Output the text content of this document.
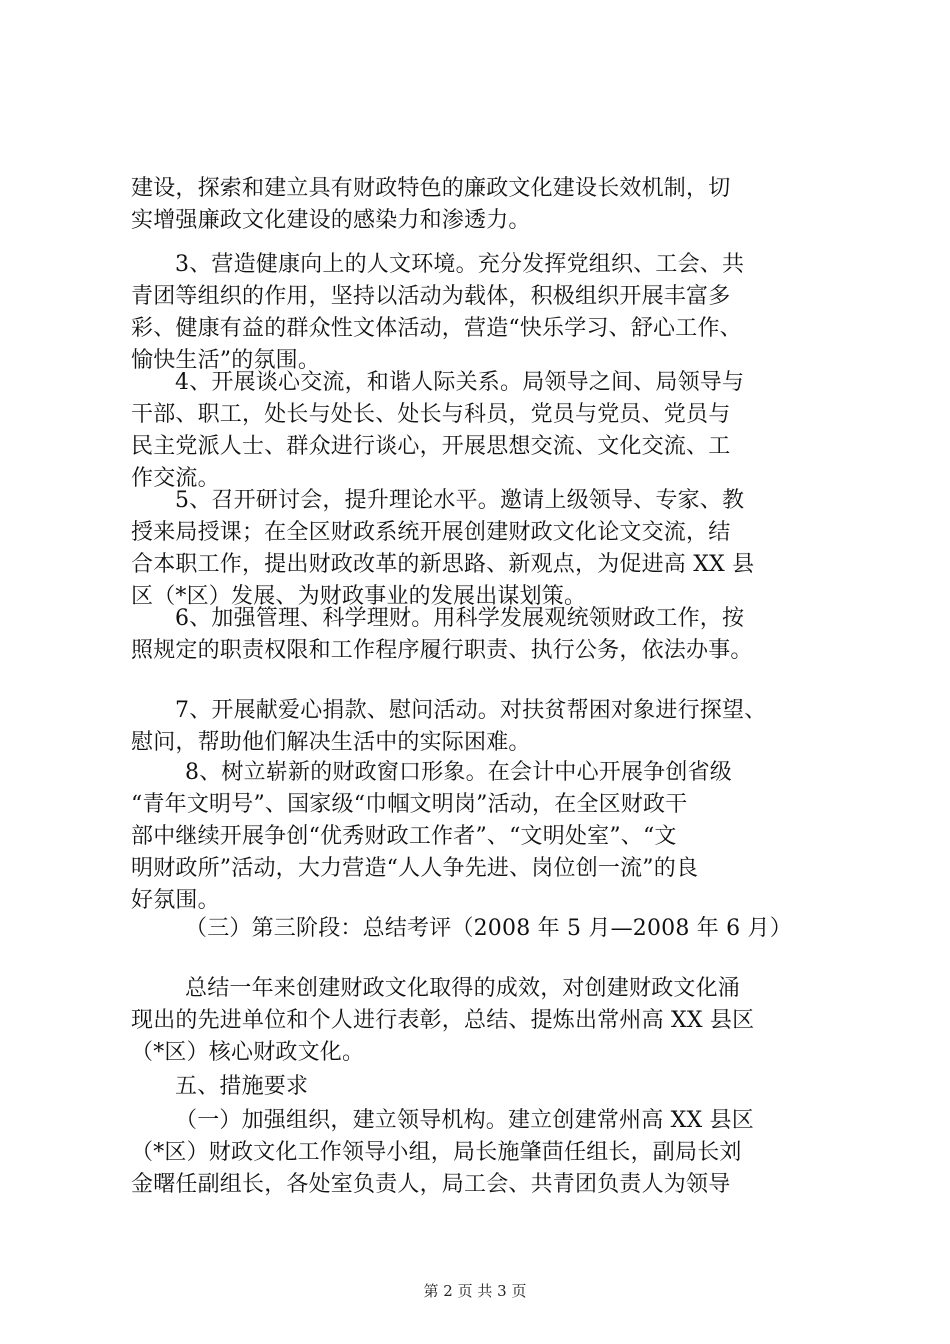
建设，探索和建立具有财政特色的廉政文化建设长效机制，切
实增强廉政文化建设的感染力和渗透力。
3、营造健康向上的人文环境。充分发挥党组织、工会、共
青团等组织的作用，坚持以活动为载体，积极组织开展丰富多
彩、健康有益的群众性文体活动，营造“快乐学习、舒心工作、
愉快生活”的氛围。
4、开展谈心交流，和谐人际关系。局领导之间、局领导与
干部、职工，处长与处长、处长与科员，党员与党员、党员与
民主党派人士、群众进行谈心，开展思想交流、文化交流、工
作交流。
5、召开研讨会，提升理论水平。邀请上级领导、专家、教
授来局授课；在全区财政系统开展创建财政文化论文交流，结
合本职工作，提出财政改革的新思路、新观点，为促进高 XX 县
区（*区）发展、为财政事业的发展出谋划策。
6、加强管理、科学理财。用科学发展观统领财政工作，按
照规定的职责权限和工作程序履行职责、执行公务，依法办事。
7、开展献爱心捐款、慰问活动。对扶贫帮困对象进行探望、
慰问，帮助他们解决生活中的实际困难。
8、树立崭新的财政窗口形象。在会计中心开展争创省级
“青年文明号”、国家级“巾帼文明岗”活动，在全区财政干
部中继续开展争创“优秀财政工作者”、“文明处室”、“文
明财政所”活动，大力营造“人人争先进、岗位创一流”的良
好氛围。
（三）第三阶段：总结考评（2008 年 5 月—2008 年 6 月）
总结一年来创建财政文化取得的成效，对创建财政文化涌
现出的先进单位和个人进行表彰，总结、提炼出常州高 XX 县区
（*区）核心财政文化。
五、措施要求
（一）加强组织，建立领导机构。建立创建常州高 XX 县区
（*区）财政文化工作领导小组，局长施肇茴任组长，副局长刘
金曙任副组长，各处室负责人，局工会、共青团负责人为领导
第 2 页 共 3 页
